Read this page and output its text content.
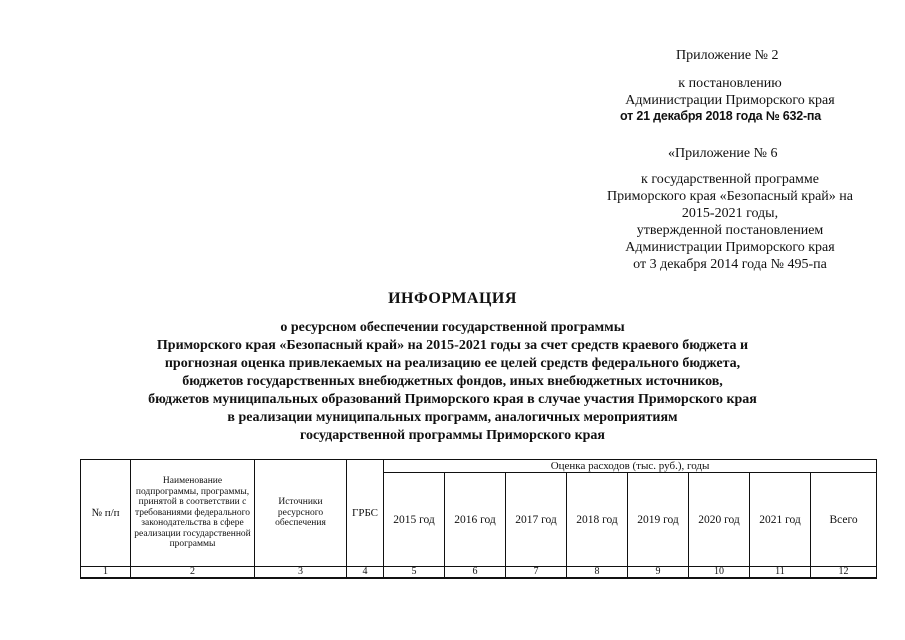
Приложение № 2
к постановлению
Администрации Приморского края
от 21 декабря 2018 года № 632-па
«Приложение № 6
к государственной программе
Приморского края «Безопасный край» на
2015-2021 годы,
утвержденной постановлением
Администрации Приморского края
от 3 декабря 2014 года № 495-па
ИНФОРМАЦИЯ
о ресурсном обеспечении государственной программы
Приморского края «Безопасный край» на 2015-2021 годы за счет средств краевого бюджета и
прогнозная оценка привлекаемых на реализацию ее целей средств федерального бюджета,
бюджетов государственных внебюджетных фондов, иных внебюджетных источников,
бюджетов муниципальных образований Приморского края в случае участия Приморского края
в реализации муниципальных программ, аналогичных мероприятиям
государственной программы Приморского края
№ п/п	Наименование подпрограммы, программы, принятой в соответствии с требованиями федерального законодательства в сфере реализации государственной программы	Источники ресурсного обеспечения	ГРБС	Оценка расходов (тыс. руб.), годы							
				2015 год	2016 год	2017 год	2018 год	2019 год	2020 год	2021 год	Всего
1	2	3	4	5	6	7	8	9	10	11	12
